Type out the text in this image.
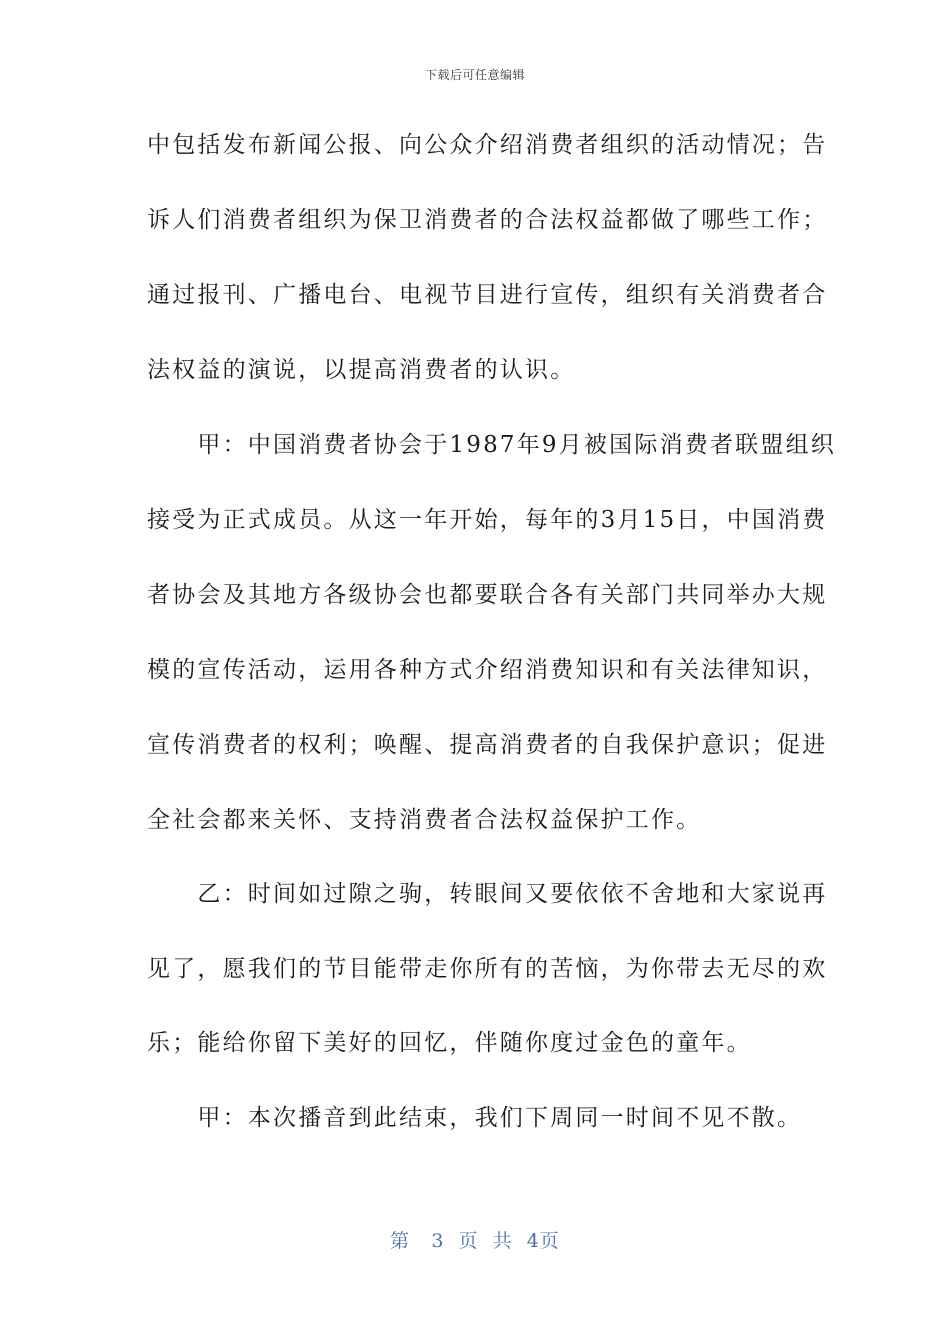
下载后可任意编辑
中包括发布新闻公报、向公众介绍消费者组织的活动情况；告
诉人们消费者组织为保卫消费者的合法权益都做了哪些工作；
通过报刊、广播电台、电视节目进行宣传，组织有关消费者合
法权益的演说，以提高消费者的认识。
　　甲：中国消费者协会于1987年9月被国际消费者联盟组织
接受为正式成员。从这一年开始，每年的3月15日，中国消费
者协会及其地方各级协会也都要联合各有关部门共同举办大规
模的宣传活动，运用各种方式介绍消费知识和有关法律知识，
宣传消费者的权利；唤醒、提高消费者的自我保护意识；促进
全社会都来关怀、支持消费者合法权益保护工作。
　　乙：时间如过隙之驹，转眼间又要依依不舍地和大家说再
见了，愿我们的节目能带走你所有的苦恼，为你带去无尽的欢
乐；能给你留下美好的回忆，伴随你度过金色的童年。
　　甲：本次播音到此结束，我们下周同一时间不见不散。
第 3 页 共 4页
